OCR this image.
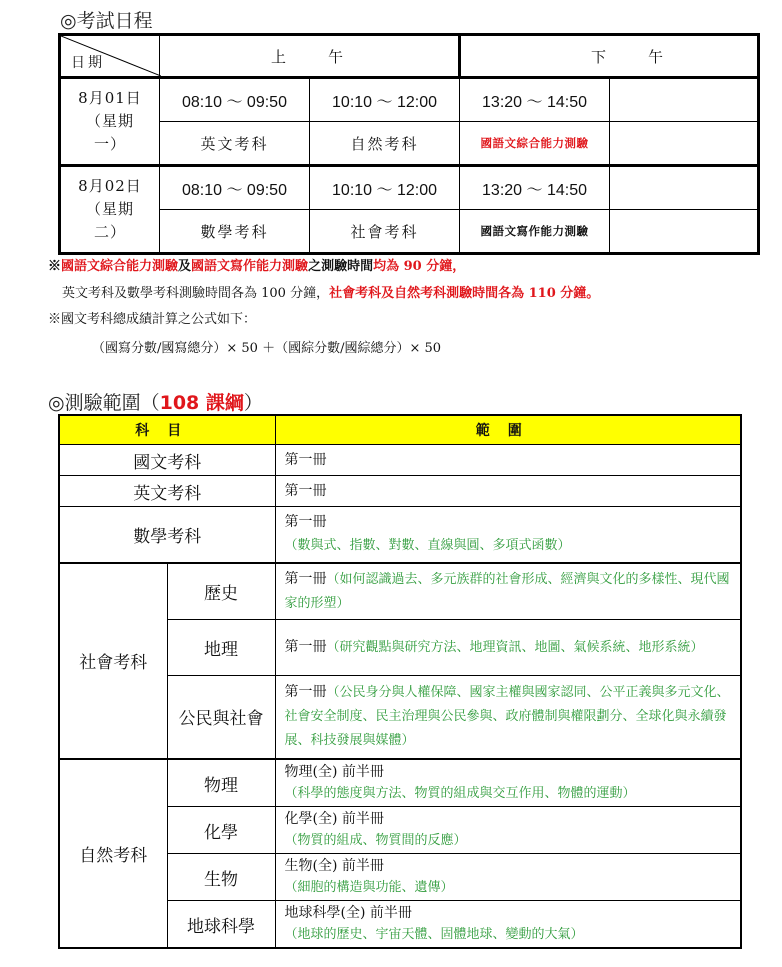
◎考試日程
日期	上　　午		下　　午	

8月01日
（星期
一）	08:10 ～ 09:50	10:10 ～ 12:00	13:20 ～ 14:50	
	英文考科	自然考科	國語文綜合能力測驗	

8月02日
（星期
二）	08:10 ～ 09:50	10:10 ～ 12:00	13:20 ～ 14:50	
	數學考科	社會考科	國語文寫作能力測驗	
※國語文綜合能力測驗及國語文寫作能力測驗之測驗時間均為 90 分鐘，
英文考科及數學考科測驗時間各為 100 分鐘，社會考科及自然考科測驗時間各為 110 分鐘。
※國文考科總成績計算之公式如下：
（國寫分數/國寫總分）× 50 ＋（國綜分數/國綜總分）× 50
◎測驗範圍（108 課綱）
科目		範圍
國文考科		第一冊
英文考科		第一冊
數學考科		第一冊
（數與式、指數、對數、直線與圓、多項式函數）

社會考科	歷史	第一冊（如何認識過去、多元族群的社會形成、經濟與文化的多樣性、現代國家的形塑）
	地理	第一冊（研究觀點與研究方法、地理資訊、地圖、氣候系統、地形系統）
	公民與社會	第一冊（公民身分與人權保障、國家主權與國家認同、公平正義與多元文化、社會安全制度、民主治理與公民參與、政府體制與權限劃分、全球化與永續發展、科技發展與媒體）
自然考科	物理	物理(全) 前半冊
（科學的態度與方法、物質的組成與交互作用、物體的運動）

	化學	化學(全) 前半冊
（物質的組成、物質間的反應）

	生物	生物(全) 前半冊
（細胞的構造與功能、遺傳）

	地球科學	地球科學(全) 前半冊
（地球的歷史、宇宙天體、固體地球、變動的大氣）
